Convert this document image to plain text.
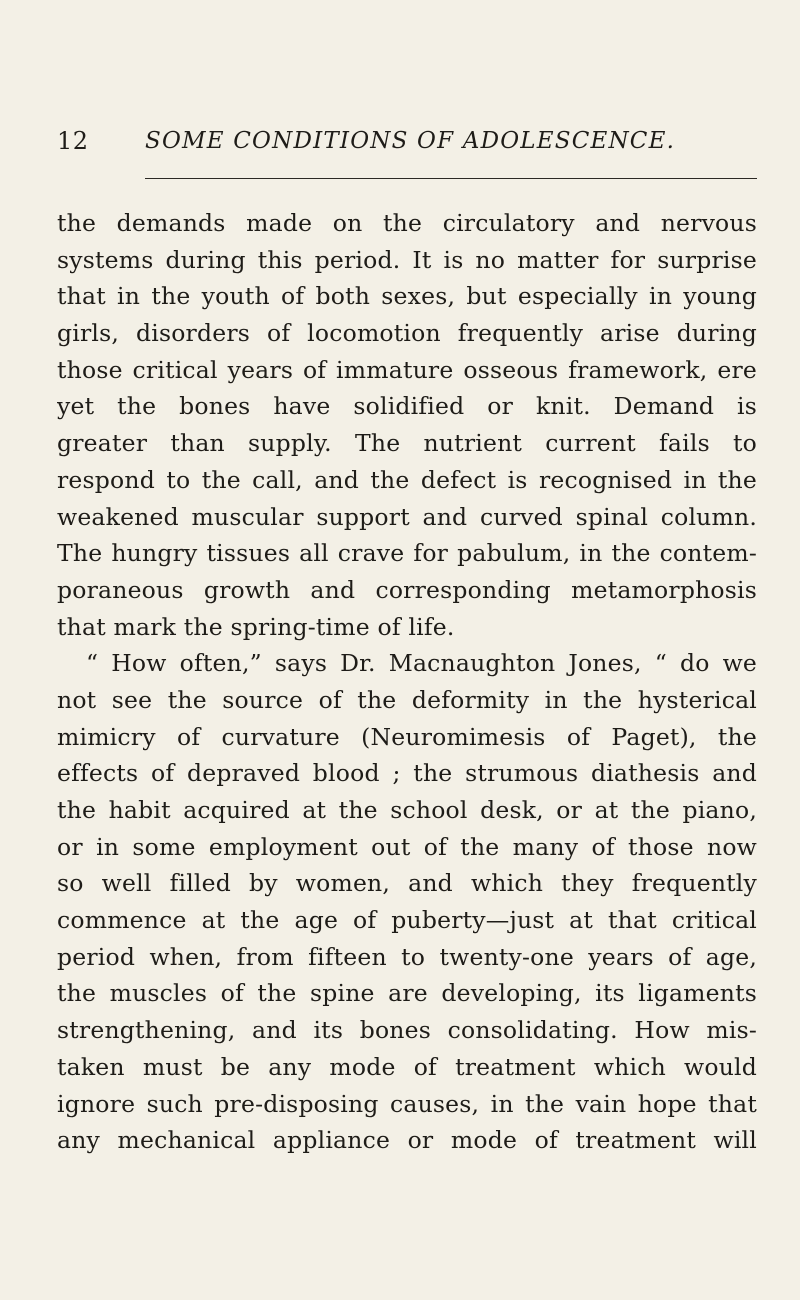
12 SOME CONDITIONS OF ADOLESCENCE.
the demands made on the circulatory and nervous
systems during this period. It is no matter for surprise
that in the youth of both sexes, but especially in young
girls, disorders of locomotion frequently arise during
those critical years of immature osseous framework, ere
yet the bones have solidified or knit. Demand is
greater than supply. The nutrient current fails to
respond to the call, and the defect is recognised in the
weakened muscular support and curved spinal column.
The hungry tissues all crave for pabulum, in the contem-
poraneous growth and corresponding metamorphosis
that mark the spring-time of life.
“ How often,” says Dr. Macnaughton Jones, “ do we
not see the source of the deformity in the hysterical
mimicry of curvature (Neuromimesis of Paget), the
effects of depraved blood ; the strumous diathesis and
the habit acquired at the school desk, or at the piano,
or in some employment out of the many of those now
so well filled by women, and which they frequently
commence at the age of puberty—just at that critical
period when, from fifteen to twenty-one years of age,
the muscles of the spine are developing, its ligaments
strengthening, and its bones consolidating. How mis-
taken must be any mode of treatment which would
ignore such pre-disposing causes, in the vain hope that
any mechanical appliance or mode of treatment will
